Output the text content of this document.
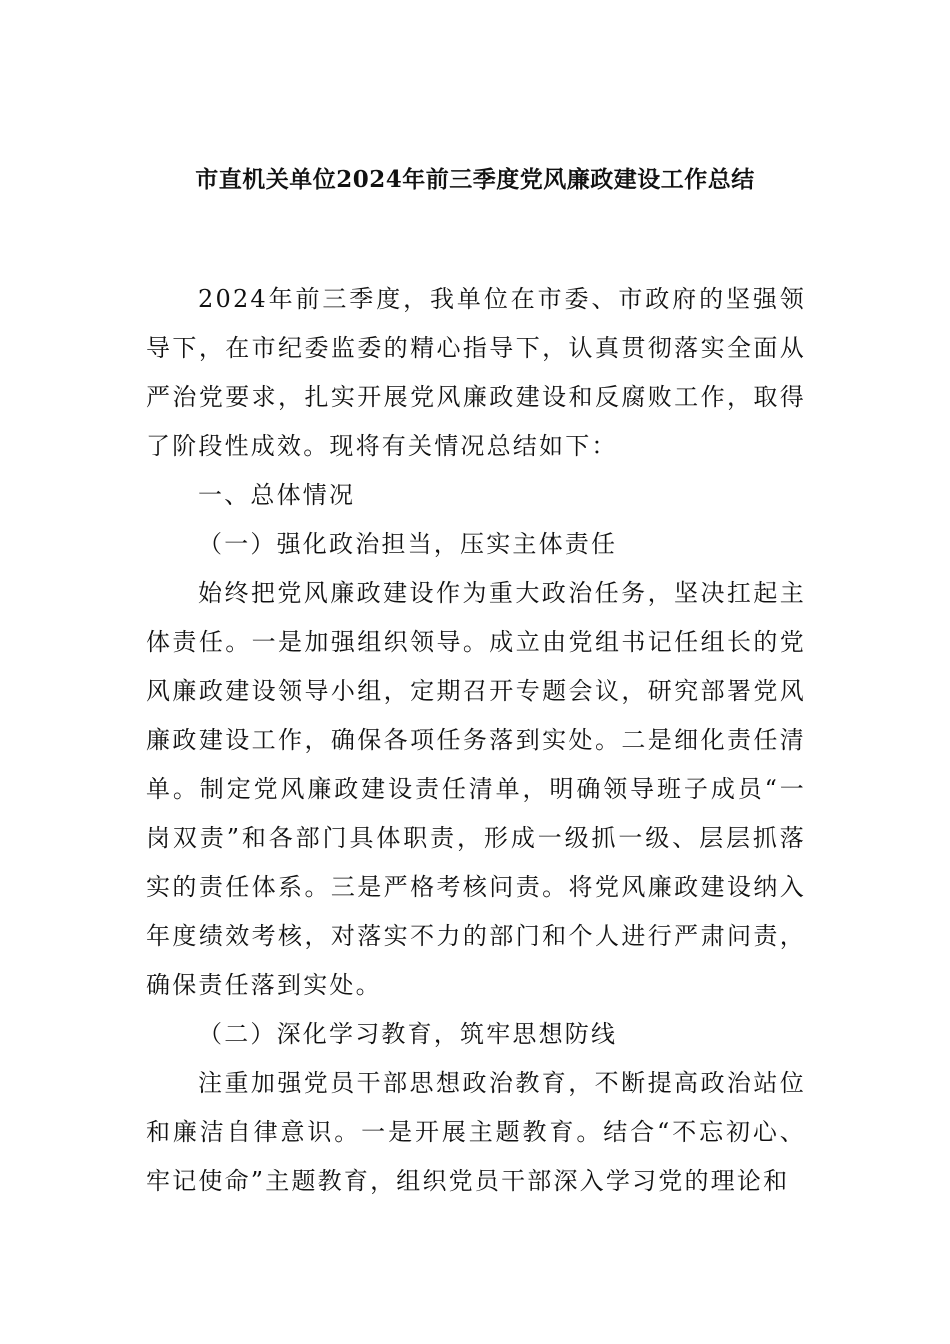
市直机关单位2024年前三季度党风廉政建设工作总结

2024年前三季度，我单位在市委、市政府的坚强领导下，在市纪委监委的精心指导下，认真贯彻落实全面从严治党要求，扎实开展党风廉政建设和反腐败工作，取得了阶段性成效。现将有关情况总结如下：

一、总体情况

（一）强化政治担当，压实主体责任

始终把党风廉政建设作为重大政治任务，坚决扛起主体责任。一是加强组织领导。成立由党组书记任组长的党风廉政建设领导小组，定期召开专题会议，研究部署党风廉政建设工作，确保各项任务落到实处。二是细化责任清单。制定党风廉政建设责任清单，明确领导班子成员“一岗双责”和各部门具体职责，形成一级抓一级、层层抓落实的责任体系。三是严格考核问责。将党风廉政建设纳入年度绩效考核，对落实不力的部门和个人进行严肃问责，确保责任落到实处。

（二）深化学习教育，筑牢思想防线

注重加强党员干部思想政治教育，不断提高政治站位和廉洁自律意识。一是开展主题教育。结合“不忘初心、牢记使命”主题教育，组织党员干部深入学习党的理论和
